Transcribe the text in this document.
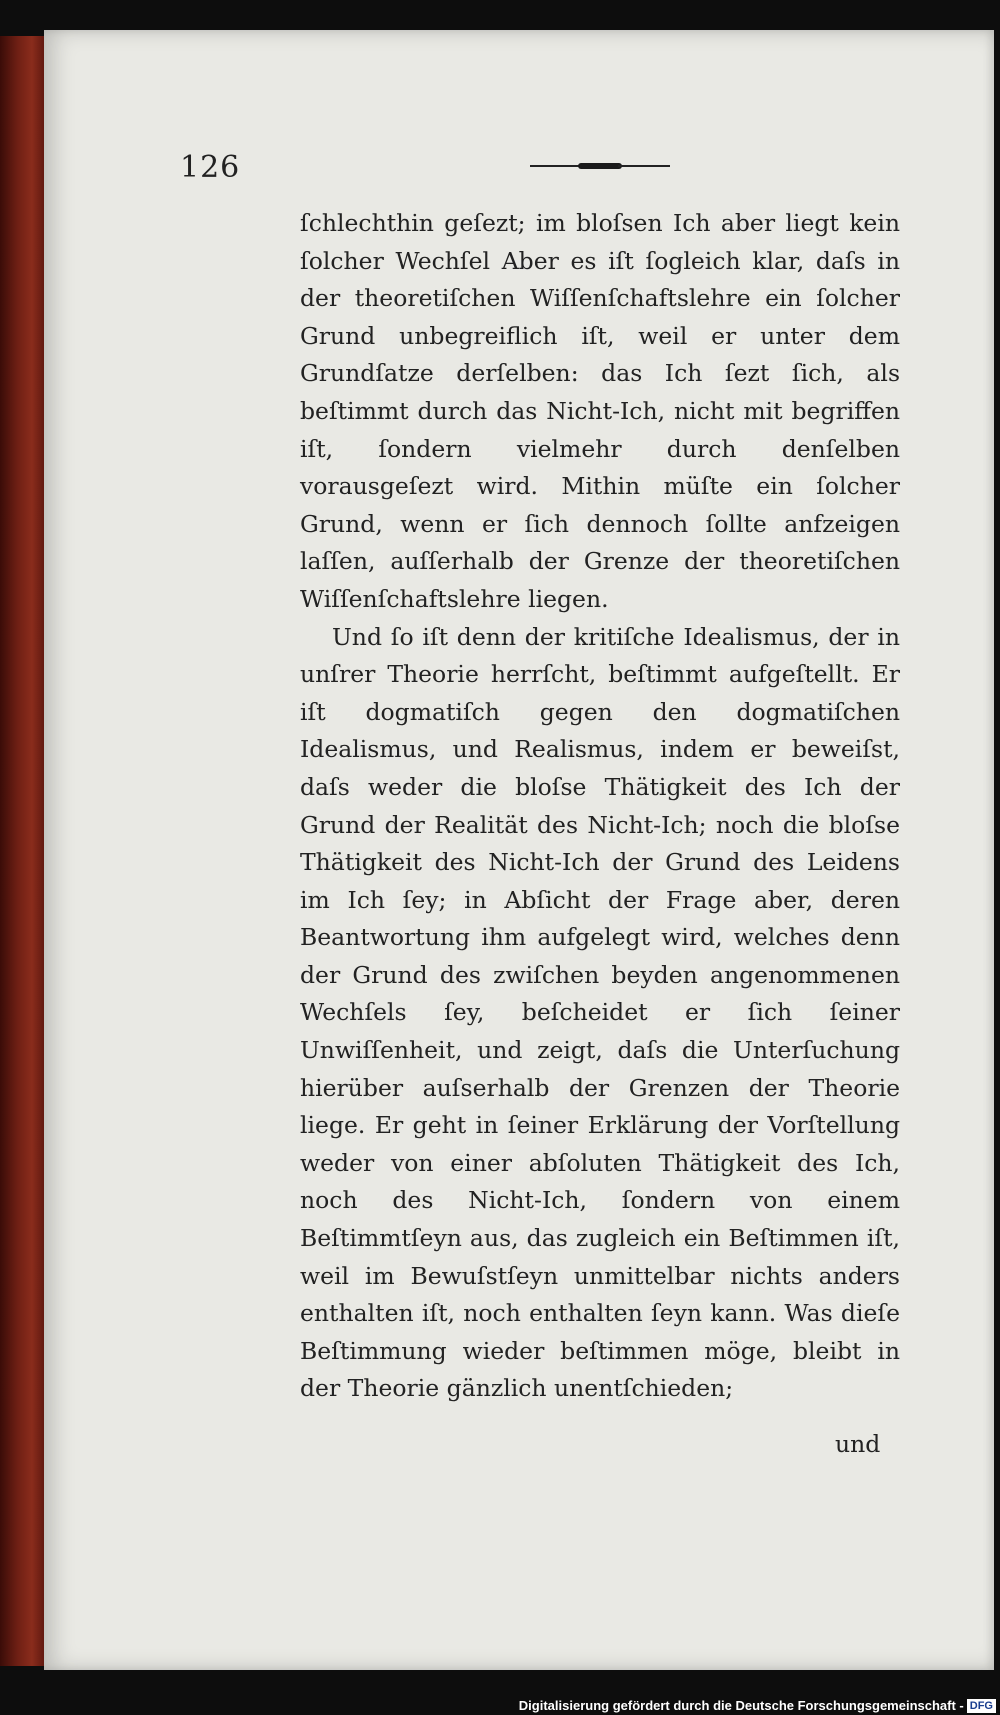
126

ſchlechthin geſezt; im bloſsen Ich aber liegt kein ſolcher Wechſel Aber es iſt ſogleich klar, daſs in der theoretiſchen Wiſſenſchaftslehre ein ſolcher Grund unbegreiflich iſt, weil er unter dem Grundſatze derſelben: das Ich ſezt ſich, als beſtimmt durch das Nicht-Ich, nicht mit begriffen iſt, ſondern vielmehr durch denſelben vorausgeſezt wird. Mithin müſte ein ſolcher Grund, wenn er ſich dennoch ſollte anfzeigen laſſen, auſſerhalb der Grenze der theoretiſchen Wiſſenſchaftslehre liegen.

Und ſo iſt denn der kritiſche Idealismus, der in unſrer Theorie herrſcht, beſtimmt aufgeſtellt. Er iſt dogmatiſch gegen den dogmatiſchen Idealismus, und Realismus, indem er beweiſst, daſs weder die bloſse Thätigkeit des Ich der Grund der Realität des Nicht-Ich; noch die bloſse Thätigkeit des Nicht-Ich der Grund des Leidens im Ich ſey; in Abſicht der Frage aber, deren Beantwortung ihm aufgelegt wird, welches denn der Grund des zwiſchen beyden angenommenen Wechſels ſey, beſcheidet er ſich ſeiner Unwiſſenheit, und zeigt, daſs die Unterſuchung hierüber auſserhalb der Grenzen der Theorie liege. Er geht in ſeiner Erklärung der Vorſtellung weder von einer abſoluten Thätigkeit des Ich, noch des Nicht-Ich, ſondern von einem Beſtimmtſeyn aus, das zugleich ein Beſtimmen iſt, weil im Bewuſstſeyn unmittelbar nichts anders enthalten iſt, noch enthalten ſeyn kann. Was dieſe Beſtimmung wieder beſtimmen möge, bleibt in der Theorie gänzlich unentſchieden;

und
Digitalisierung gefördert durch die Deutsche Forschungsgemeinschaft - DFG
